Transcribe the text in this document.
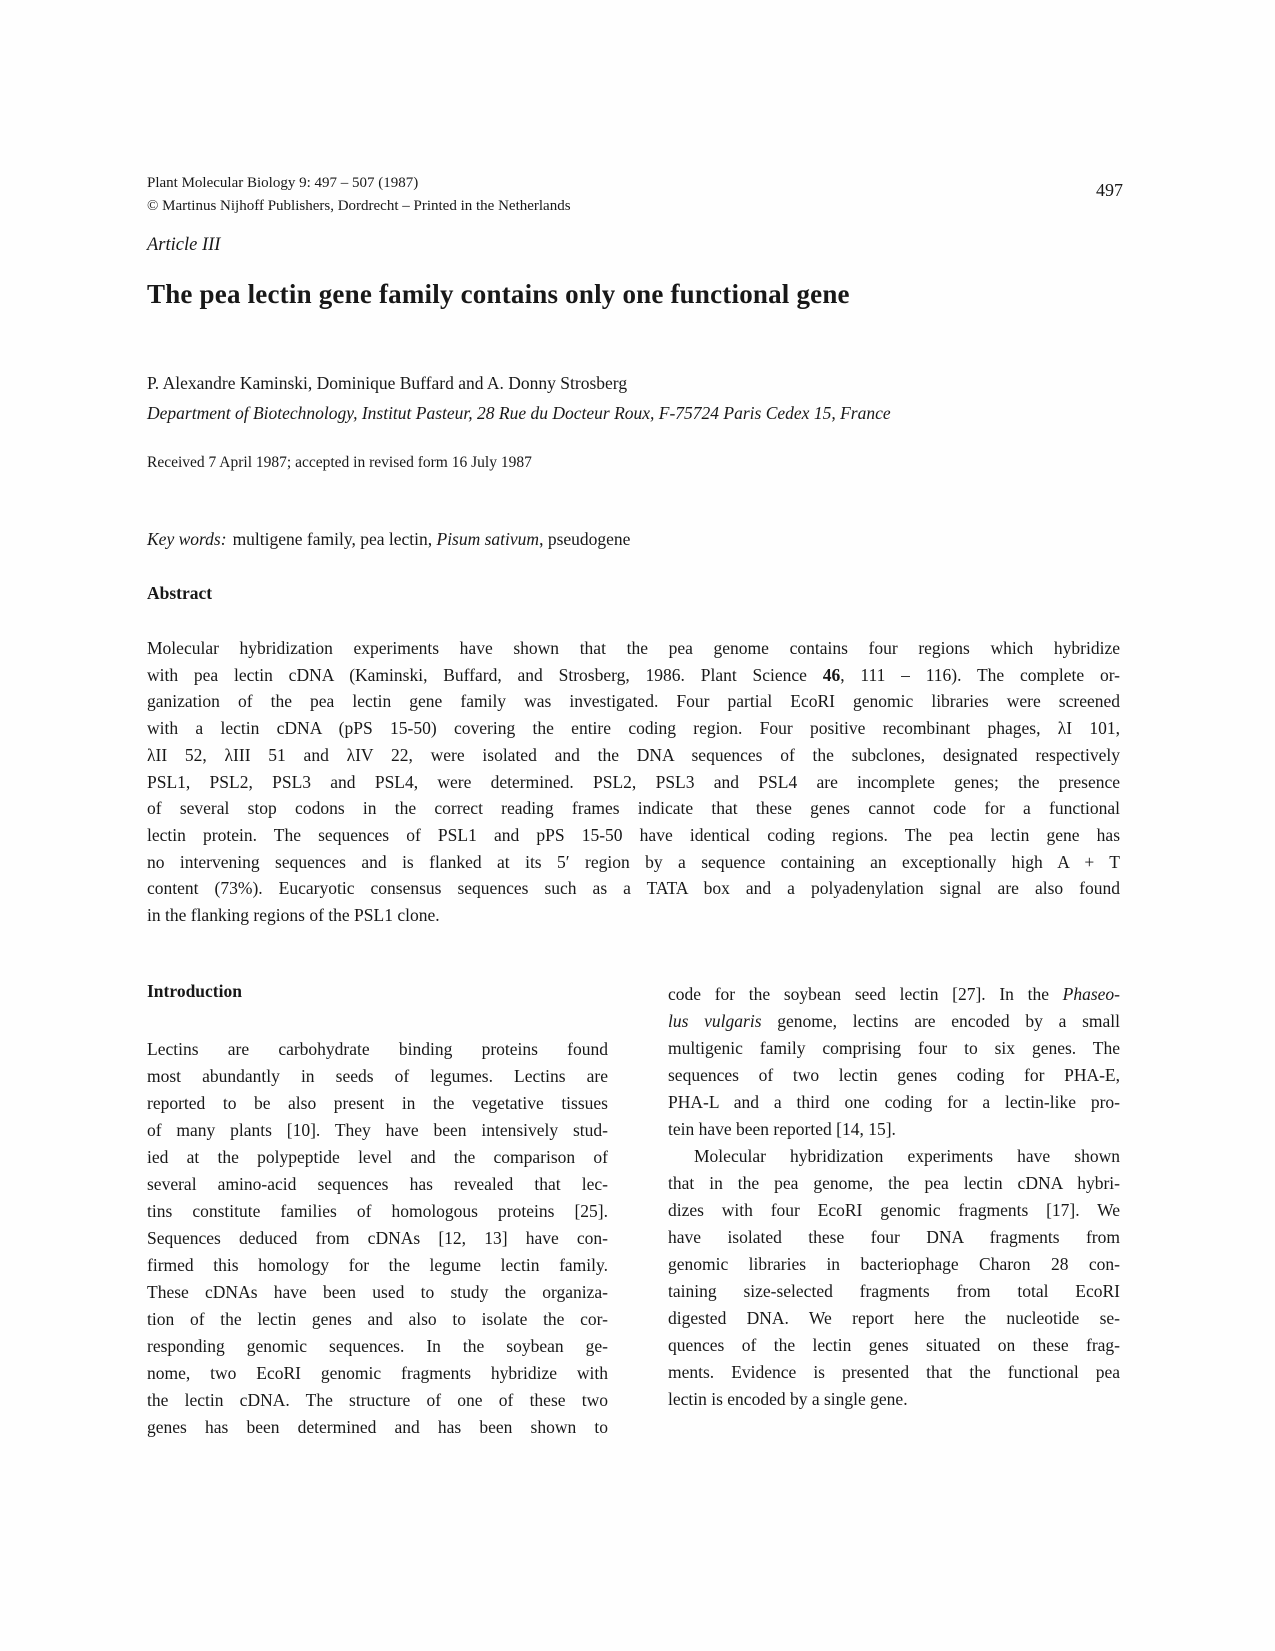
Plant Molecular Biology 9: 497 – 507 (1987)
© Martinus Nijhoff Publishers, Dordrecht – Printed in the Netherlands
497
Article III
The pea lectin gene family contains only one functional gene
P. Alexandre Kaminski, Dominique Buffard and A. Donny Strosberg
Department of Biotechnology, Institut Pasteur, 28 Rue du Docteur Roux, F-75724 Paris Cedex 15, France
Received 7 April 1987; accepted in revised form 16 July 1987
Key words: multigene family, pea lectin, Pisum sativum, pseudogene
Abstract
Molecular hybridization experiments have shown that the pea genome contains four regions which hybridize
with pea lectin cDNA (Kaminski, Buffard, and Strosberg, 1986. Plant Science 46, 111 – 116). The complete or-
ganization of the pea lectin gene family was investigated. Four partial EcoRI genomic libraries were screened
with a lectin cDNA (pPS 15-50) covering the entire coding region. Four positive recombinant phages, λI 101,
λII 52, λIII 51 and λIV 22, were isolated and the DNA sequences of the subclones, designated respectively
PSL1, PSL2, PSL3 and PSL4, were determined. PSL2, PSL3 and PSL4 are incomplete genes; the presence
of several stop codons in the correct reading frames indicate that these genes cannot code for a functional
lectin protein. The sequences of PSL1 and pPS 15-50 have identical coding regions. The pea lectin gene has
no intervening sequences and is flanked at its 5′ region by a sequence containing an exceptionally high A + T
content (73%). Eucaryotic consensus sequences such as a TATA box and a polyadenylation signal are also found
in the flanking regions of the PSL1 clone.
Introduction
Lectins are carbohydrate binding proteins found
most abundantly in seeds of legumes. Lectins are
reported to be also present in the vegetative tissues
of many plants [10]. They have been intensively stud-
ied at the polypeptide level and the comparison of
several amino-acid sequences has revealed that lec-
tins constitute families of homologous proteins [25].
Sequences deduced from cDNAs [12, 13] have con-
firmed this homology for the legume lectin family.
These cDNAs have been used to study the organiza-
tion of the lectin genes and also to isolate the cor-
responding genomic sequences. In the soybean ge-
nome, two EcoRI genomic fragments hybridize with
the lectin cDNA. The structure of one of these two
genes has been determined and has been shown to
code for the soybean seed lectin [27]. In the Phaseo-
lus vulgaris genome, lectins are encoded by a small
multigenic family comprising four to six genes. The
sequences of two lectin genes coding for PHA-E,
PHA-L and a third one coding for a lectin-like pro-
tein have been reported [14, 15].
Molecular hybridization experiments have shown
that in the pea genome, the pea lectin cDNA hybri-
dizes with four EcoRI genomic fragments [17]. We
have isolated these four DNA fragments from
genomic libraries in bacteriophage Charon 28 con-
taining size-selected fragments from total EcoRI
digested DNA. We report here the nucleotide se-
quences of the lectin genes situated on these frag-
ments. Evidence is presented that the functional pea
lectin is encoded by a single gene.
